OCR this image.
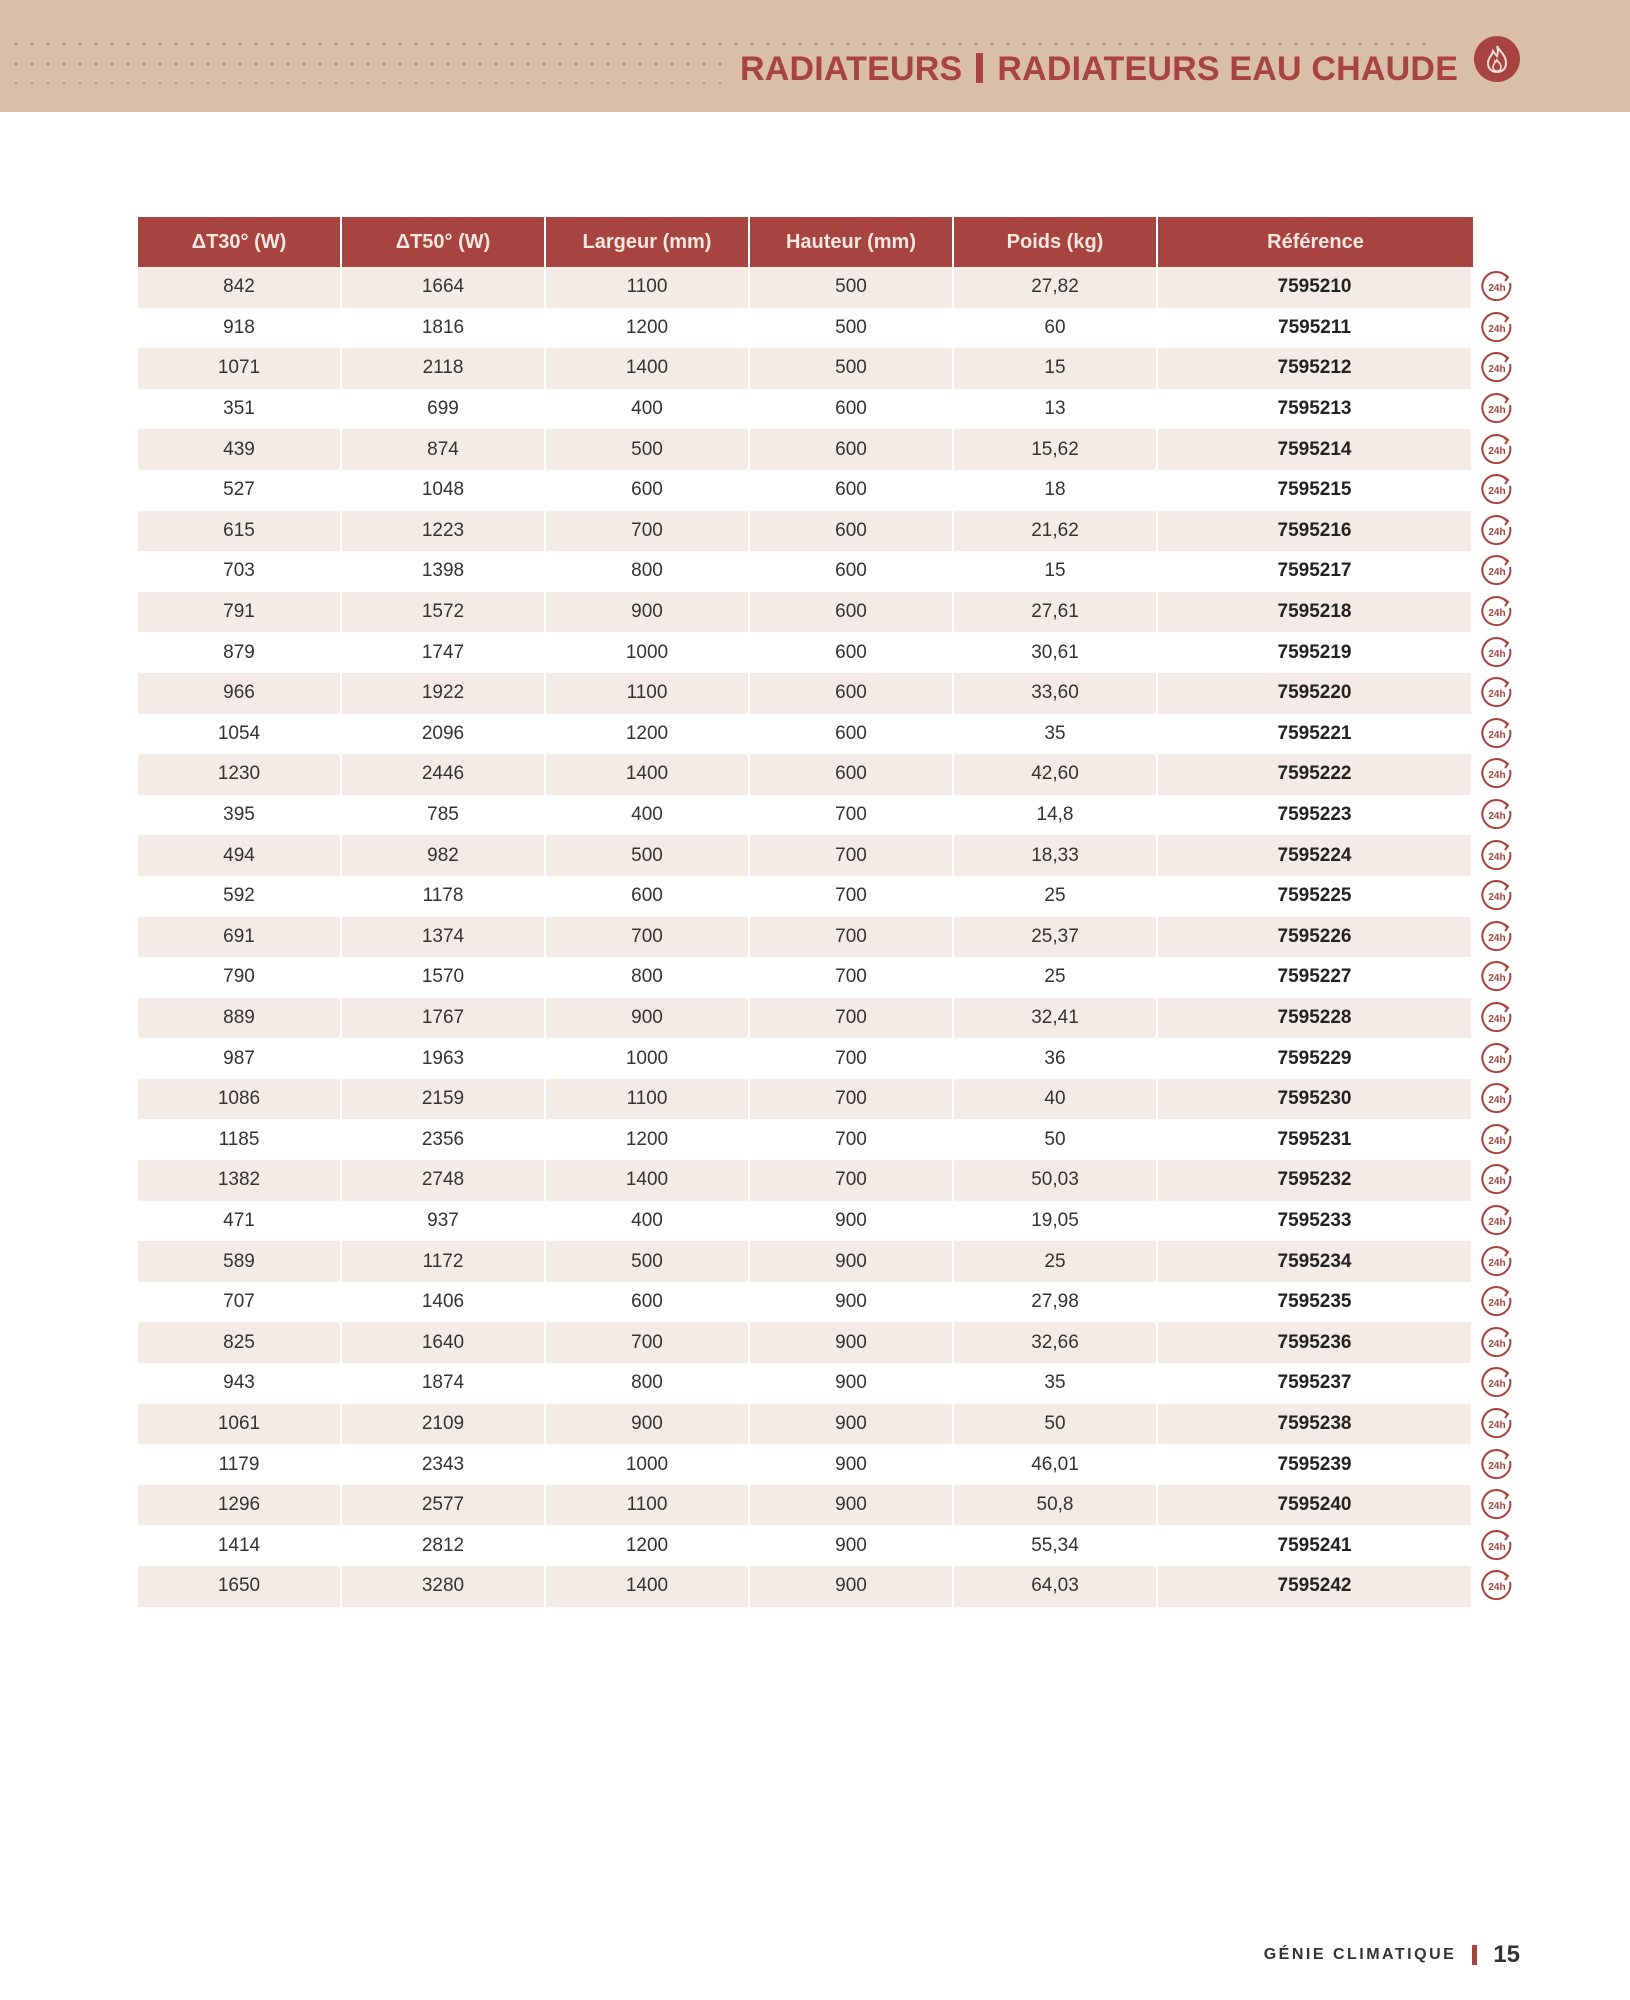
RADIATEURS RADIATEURS EAU CHAUDE
ΔT30° (W)	ΔT50° (W)	Largeur (mm)	Hauteur (mm)	Poids (kg)	Référence
842	1664	1100	500	27,82	7595210	24h
918	1816	1200	500	60	7595211	24h
1071	2118	1400	500	15	7595212	24h
351	699	400	600	13	7595213	24h
439	874	500	600	15,62	7595214	24h
527	1048	600	600	18	7595215	24h
615	1223	700	600	21,62	7595216	24h
703	1398	800	600	15	7595217	24h
791	1572	900	600	27,61	7595218	24h
879	1747	1000	600	30,61	7595219	24h
966	1922	1100	600	33,60	7595220	24h
1054	2096	1200	600	35	7595221	24h
1230	2446	1400	600	42,60	7595222	24h
395	785	400	700	14,8	7595223	24h
494	982	500	700	18,33	7595224	24h
592	1178	600	700	25	7595225	24h
691	1374	700	700	25,37	7595226	24h
790	1570	800	700	25	7595227	24h
889	1767	900	700	32,41	7595228	24h
987	1963	1000	700	36	7595229	24h
1086	2159	1100	700	40	7595230	24h
1185	2356	1200	700	50	7595231	24h
1382	2748	1400	700	50,03	7595232	24h
471	937	400	900	19,05	7595233	24h
589	1172	500	900	25	7595234	24h
707	1406	600	900	27,98	7595235	24h
825	1640	700	900	32,66	7595236	24h
943	1874	800	900	35	7595237	24h
1061	2109	900	900	50	7595238	24h
1179	2343	1000	900	46,01	7595239	24h
1296	2577	1100	900	50,8	7595240	24h
1414	2812	1200	900	55,34	7595241	24h
1650	3280	1400	900	64,03	7595242	24h
GÉNIE CLIMATIQUE 15
